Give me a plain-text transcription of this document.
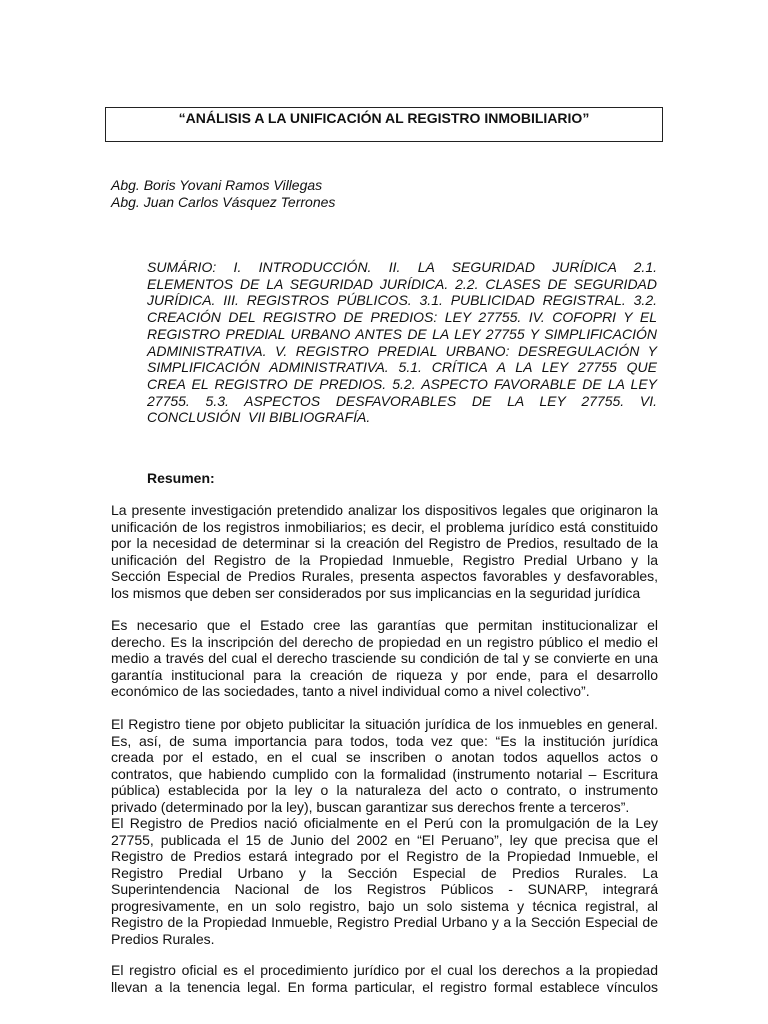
“ANÁLISIS A LA UNIFICACIÓN AL REGISTRO INMOBILIARIO”

Abg. Boris Yovani Ramos Villegas
Abg. Juan Carlos Vásquez Terrones
SUMÁRIO: I. INTRODUCCIÓN. II. LA SEGURIDAD JURÍDICA 2.1.
ELEMENTOS DE LA SEGURIDAD JURÍDICA. 2.2. CLASES DE SEGURIDAD
JURÍDICA. III. REGISTROS PÚBLICOS. 3.1. PUBLICIDAD REGISTRAL. 3.2.
CREACIÓN DEL REGISTRO DE PREDIOS: LEY 27755. IV. COFOPRI Y EL
REGISTRO PREDIAL URBANO ANTES DE LA LEY 27755 Y SIMPLIFICACIÓN
ADMINISTRATIVA. V. REGISTRO PREDIAL URBANO: DESREGULACIÓN Y
SIMPLIFICACIÓN ADMINISTRATIVA. 5.1. CRÍTICA A LA LEY 27755 QUE
CREA EL REGISTRO DE PREDIOS. 5.2. ASPECTO FAVORABLE DE LA LEY
27755. 5.3. ASPECTOS DESFAVORABLES DE LA LEY 27755. VI.
CONCLUSIÓN  VII BIBLIOGRAFÍA.
Resumen:
La presente investigación pretendido analizar los dispositivos legales que originaron la
unificación de los registros inmobiliarios; es decir, el problema jurídico está constituido
por la necesidad de determinar si la creación del Registro de Predios, resultado de la
unificación del Registro de la Propiedad Inmueble, Registro Predial Urbano y la
Sección Especial de Predios Rurales, presenta aspectos favorables y desfavorables,
los mismos que deben ser considerados por sus implicancias en la seguridad jurídica
Es necesario que el Estado cree las garantías que permitan institucionalizar el
derecho. Es la inscripción del derecho de propiedad en un registro público el medio el
medio a través del cual el derecho trasciende su condición de tal y se convierte en una
garantía institucional para la creación de riqueza y por ende, para el desarrollo
económico de las sociedades, tanto a nivel individual como a nivel colectivo”.
El Registro tiene por objeto publicitar la situación jurídica de los inmuebles en general.
Es, así, de suma importancia para todos, toda vez que: “Es la institución jurídica
creada por el estado, en el cual se inscriben o anotan todos aquellos actos o
contratos, que habiendo cumplido con la formalidad (instrumento notarial – Escritura
pública) establecida por la ley o la naturaleza del acto o contrato, o instrumento
privado (determinado por la ley), buscan garantizar sus derechos frente a terceros”.
El Registro de Predios nació oficialmente en el Perú con la promulgación de la Ley
27755, publicada el 15 de Junio del 2002 en “El Peruano”, ley que precisa que el
Registro de Predios estará integrado por el Registro de la Propiedad Inmueble, el
Registro Predial Urbano y la Sección Especial de Predios Rurales. La
Superintendencia Nacional de los Registros Públicos - SUNARP, integrará
progresivamente, en un solo registro, bajo un solo sistema y técnica registral, al
Registro de la Propiedad Inmueble, Registro Predial Urbano y a la Sección Especial de
Predios Rurales.
El registro oficial es el procedimiento jurídico por el cual los derechos a la propiedad
llevan a la tenencia legal. En forma particular, el registro formal establece vínculos
